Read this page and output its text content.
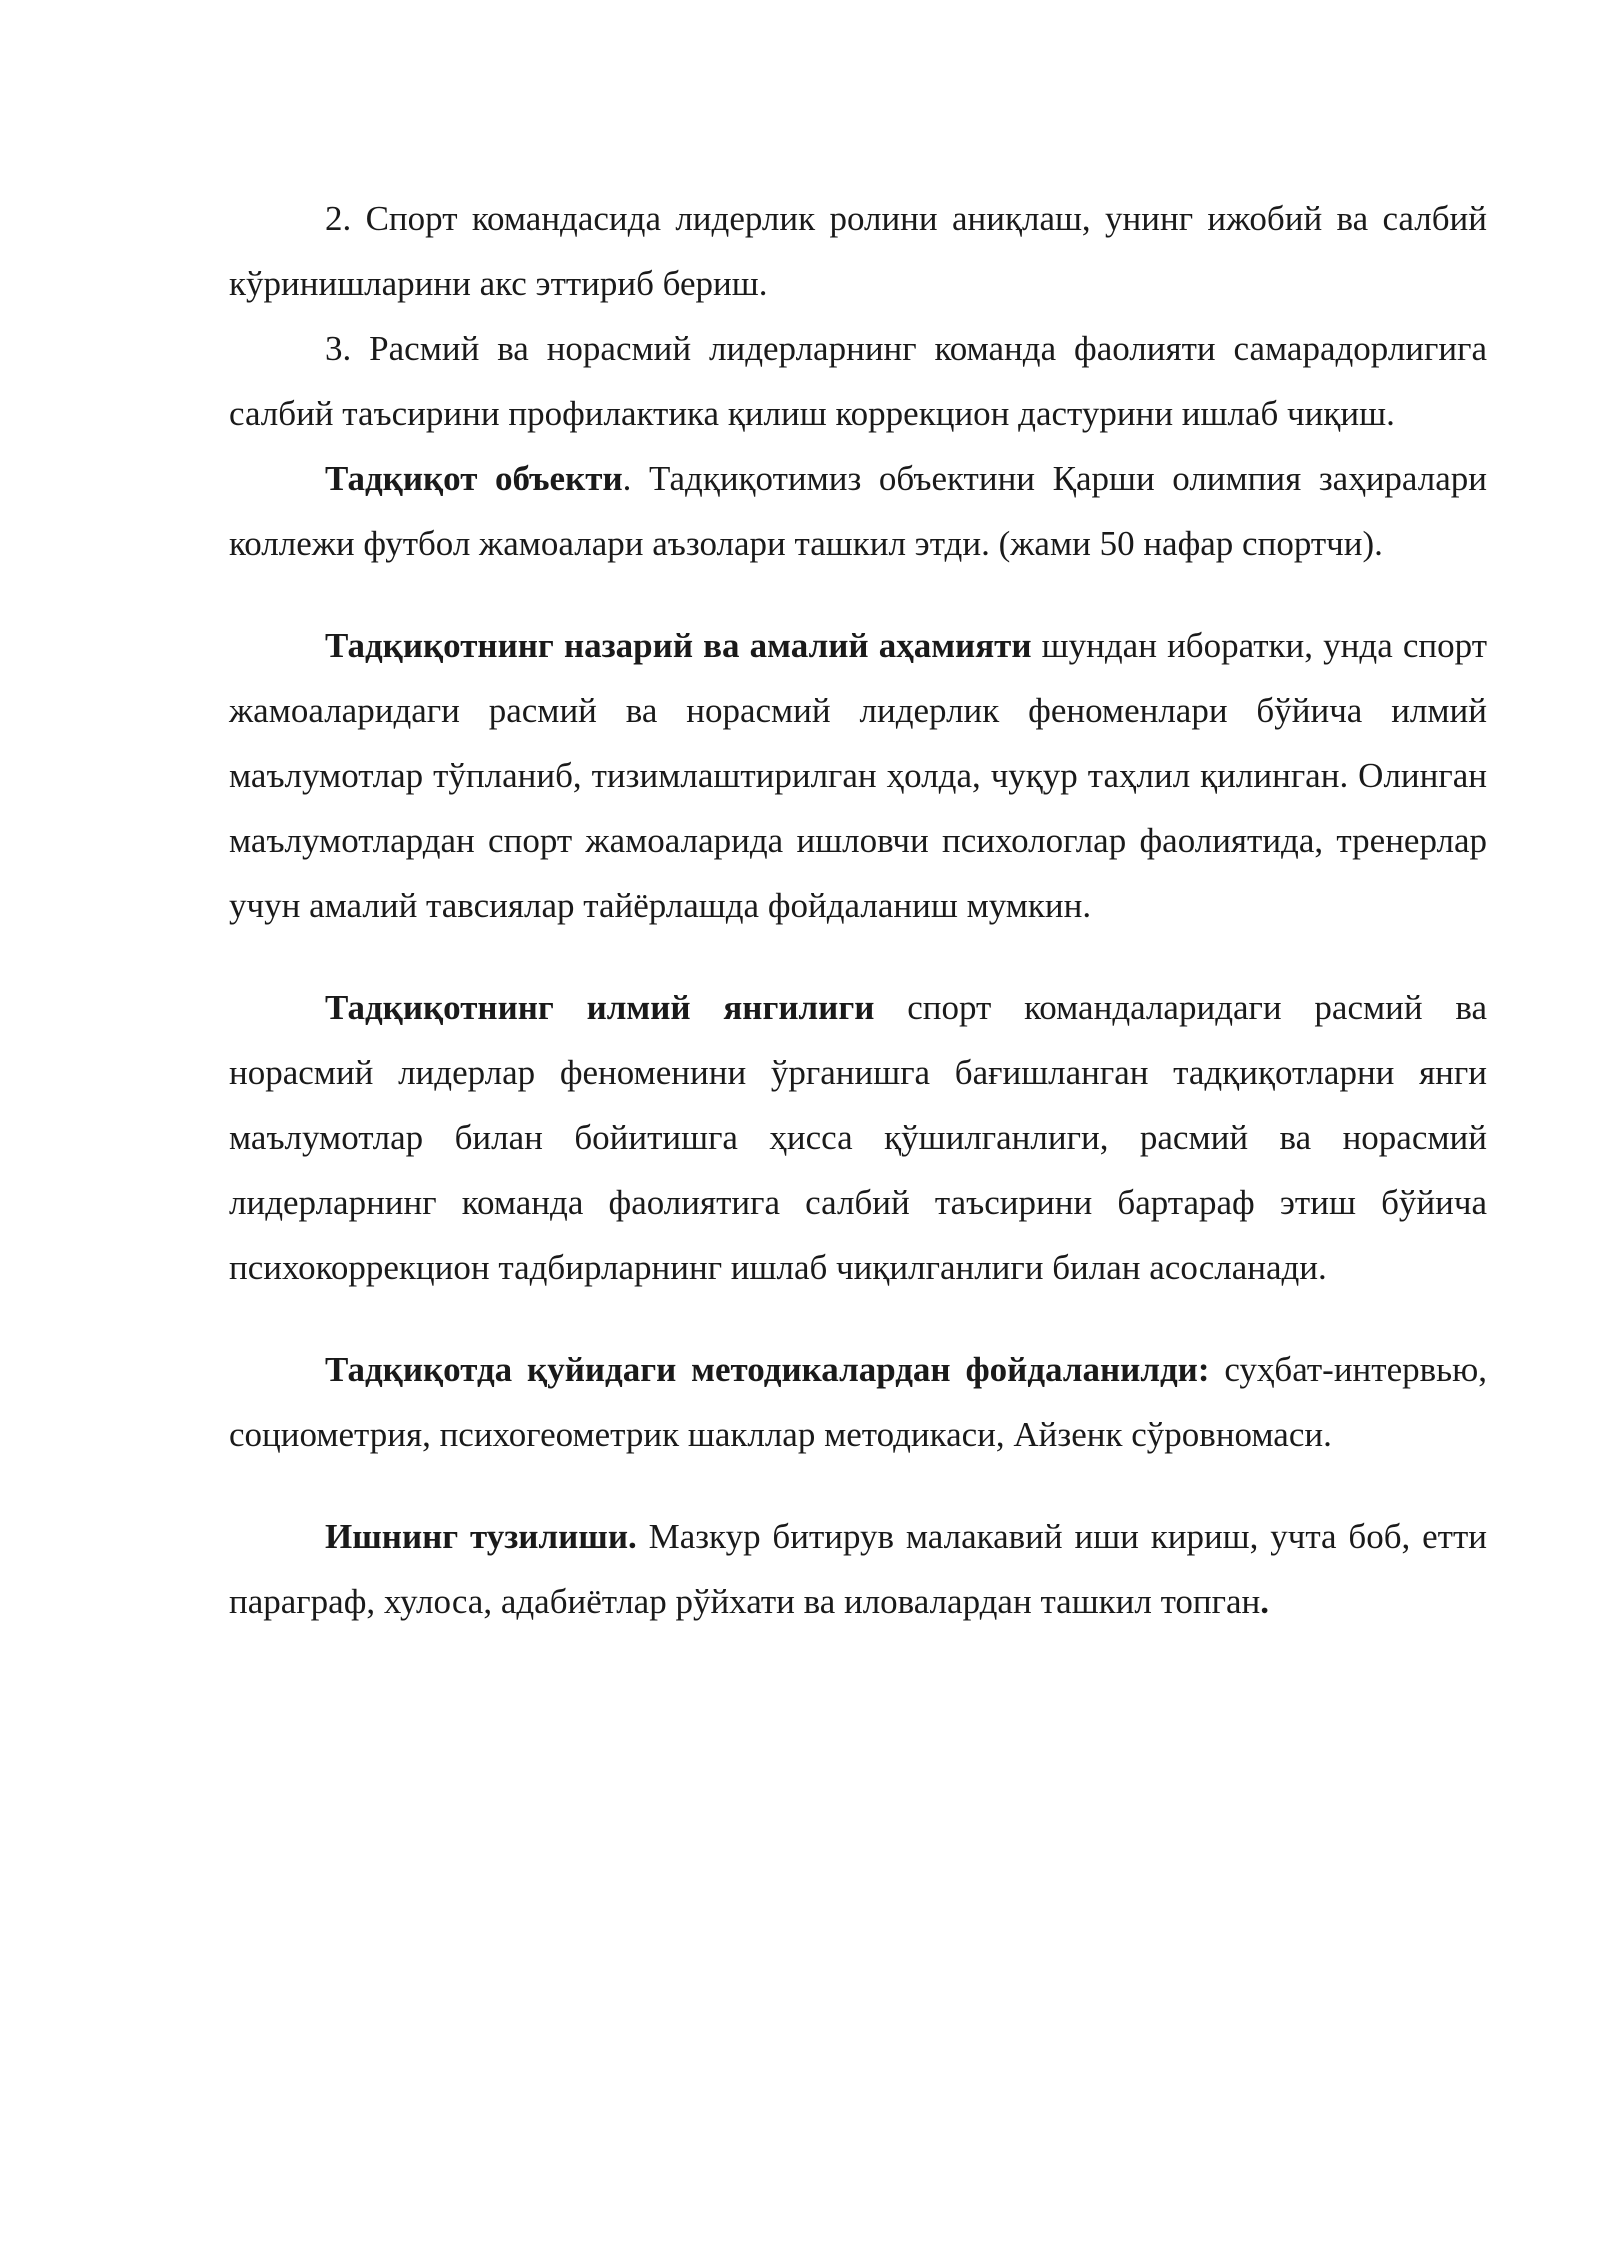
2. Спорт командасида лидерлик ролини аниқлаш, унинг ижобий ва салбий кўринишларини акс эттириб бериш.

3. Расмий ва норасмий лидерларнинг команда фаолияти самарадорлигига салбий таъсирини профилактика қилиш коррекцион дастурини ишлаб чиқиш.

Тадқиқот объекти. Тадқиқотимиз объектини Қарши олимпия заҳиралари коллежи футбол жамоалари аъзолари ташкил этди. (жами 50 нафар спортчи).

Тадқиқотнинг назарий ва амалий аҳамияти шундан иборатки, унда спорт жамоаларидаги расмий ва норасмий лидерлик феноменлари бўйича илмий маълумотлар тўпланиб, тизимлаштирилган ҳолда, чуқур таҳлил қилинган. Олинган маълумотлардан спорт жамоаларида ишловчи психологлар фаолиятида, тренерлар учун амалий тавсиялар тайёрлашда фойдаланиш мумкин.

Тадқиқотнинг илмий янгилиги спорт командаларидаги расмий ва норасмий лидерлар феноменини ўрганишга бағишланган тадқиқотларни янги маълумотлар билан бойитишга ҳисса қўшилганлиги, расмий ва норасмий лидерларнинг команда фаолиятига салбий таъсирини бартараф этиш бўйича психокоррекцион тадбирларнинг ишлаб чиқилганлиги билан асосланади.

Тадқиқотда қуйидаги методикалардан фойдаланилди: суҳбат-интервью, социометрия, психогеометрик шакллар методикаси, Айзенк сўровномаси.

Ишнинг тузилиши. Мазкур битирув малакавий иши кириш, учта боб, етти параграф, хулоса, адабиётлар рўйхати ва иловалардан ташкил топган.
